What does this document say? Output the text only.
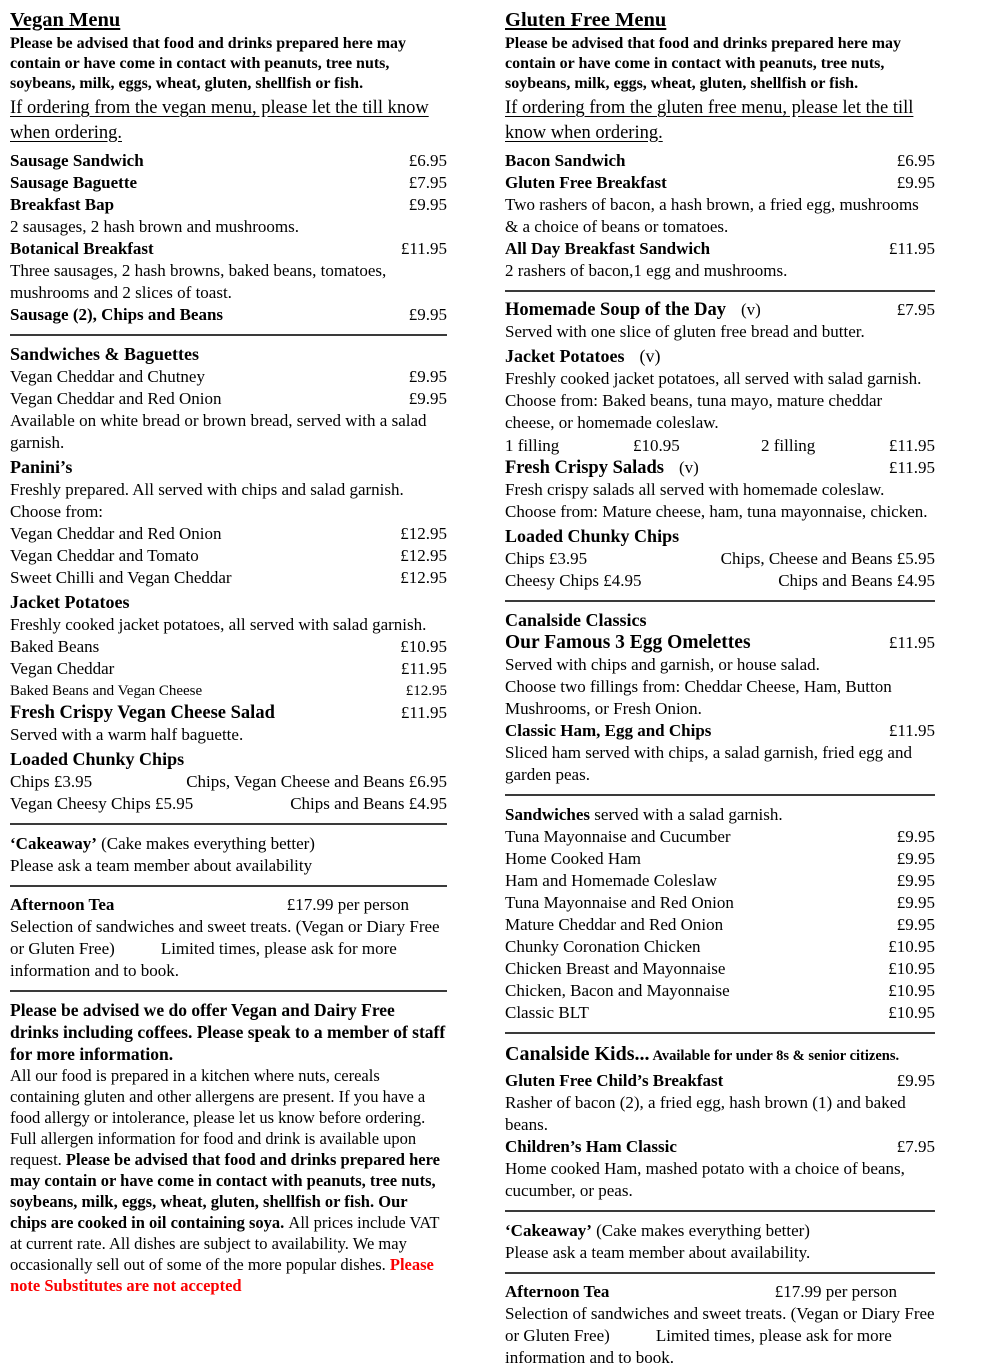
Vegan Menu
Please be advised that food and drinks prepared here may contain or have come in contact with peanuts, tree nuts, soybeans, milk, eggs, wheat, gluten, shellfish or fish.
If ordering from the vegan menu, please let the till know when ordering.
Sausage Sandwich	£6.95
Sausage Baguette	£7.95
Breakfast Bap	£9.95
2 sausages, 2 hash brown and mushrooms.
Botanical Breakfast	£11.95
Three sausages, 2 hash browns, baked beans, tomatoes, mushrooms and 2 slices of toast.
Sausage (2), Chips and Beans	£9.95
Sandwiches & Baguettes
Vegan Cheddar and Chutney	£9.95
Vegan Cheddar and Red Onion	£9.95
Available on white bread or brown bread, served with a salad garnish.
Panini’s
Freshly prepared. All served with chips and salad garnish. Choose from:
Vegan Cheddar and Red Onion	£12.95
Vegan Cheddar and Tomato	£12.95
Sweet Chilli and Vegan Cheddar	£12.95
Jacket Potatoes
Freshly cooked jacket potatoes, all served with salad garnish.
Baked Beans	£10.95
Vegan Cheddar	£11.95
Baked Beans and Vegan Cheese	£12.95
Fresh Crispy Vegan Cheese Salad	£11.95
Served with a warm half baguette.
Loaded Chunky Chips
Chips £3.95	Chips, Vegan Cheese and Beans £6.95
Vegan Cheesy Chips £5.95	Chips and Beans £4.95
‘Cakeaway’ (Cake makes everything better)
Please ask a team member about availability
Afternoon Tea	£17.99 per person
Selection of sandwiches and sweet treats. (Vegan or Diary Free or Gluten Free)	Limited times, please ask for more information and to book.
Please be advised we do offer Vegan and Dairy Free drinks including coffees. Please speak to a member of staff for more information.
All our food is prepared in a kitchen where nuts, cereals containing gluten and other allergens are present. If you have a food allergy or intolerance, please let us know before ordering. Full allergen information for food and drink is available upon request. Please be advised that food and drinks prepared here may contain or have come in contact with peanuts, tree nuts, soybeans, milk, eggs, wheat, gluten, shellfish or fish. Our chips are cooked in oil containing soya. All prices include VAT at current rate. All dishes are subject to availability. We may occasionally sell out of some of the more popular dishes. Please note Substitutes are not accepted
Gluten Free Menu
Please be advised that food and drinks prepared here may contain or have come in contact with peanuts, tree nuts, soybeans, milk, eggs, wheat, gluten, shellfish or fish.
If ordering from the gluten free menu, please let the till know when ordering.
Bacon Sandwich	£6.95
Gluten Free Breakfast	£9.95
Two rashers of bacon, a hash brown, a fried egg, mushrooms & a choice of beans or tomatoes.
All Day Breakfast Sandwich	£11.95
2 rashers of bacon,1 egg and mushrooms.
Homemade Soup of the Day (v)	£7.95
Served with one slice of gluten free bread and butter.
Jacket Potatoes (v)
Freshly cooked jacket potatoes, all served with salad garnish. Choose from: Baked beans, tuna mayo, mature cheddar cheese, or homemade coleslaw.
1 filling	£10.95	2 filling	£11.95
Fresh Crispy Salads (v)	£11.95
Fresh crispy salads all served with homemade coleslaw. Choose from: Mature cheese, ham, tuna mayonnaise, chicken.
Loaded Chunky Chips
Chips £3.95	Chips, Cheese and Beans £5.95
Cheesy Chips £4.95	Chips and Beans £4.95
Canalside Classics
Our Famous 3 Egg Omelettes	£11.95
Served with chips and garnish, or house salad.
Choose two fillings from: Cheddar Cheese, Ham, Button Mushrooms, or Fresh Onion.
Classic Ham, Egg and Chips	£11.95
Sliced ham served with chips, a salad garnish, fried egg and garden peas.
Sandwiches served with a salad garnish.
Tuna Mayonnaise and Cucumber	£9.95
Home Cooked Ham	£9.95
Ham and Homemade Coleslaw	£9.95
Tuna Mayonnaise and Red Onion	£9.95
Mature Cheddar and Red Onion	£9.95
Chunky Coronation Chicken	£10.95
Chicken Breast and Mayonnaise	£10.95
Chicken, Bacon and Mayonnaise	£10.95
Classic BLT	£10.95
Canalside Kids... Available for under 8s & senior citizens.
Gluten Free Child’s Breakfast	£9.95
Rasher of bacon (2), a fried egg, hash brown (1) and baked beans.
Children’s Ham Classic	£7.95
Home cooked Ham, mashed potato with a choice of beans, cucumber, or peas.
‘Cakeaway’ (Cake makes everything better)
Please ask a team member about availability.
Afternoon Tea	£17.99 per person
Selection of sandwiches and sweet treats. (Vegan or Diary Free or Gluten Free)	Limited times, please ask for more information and to book.
